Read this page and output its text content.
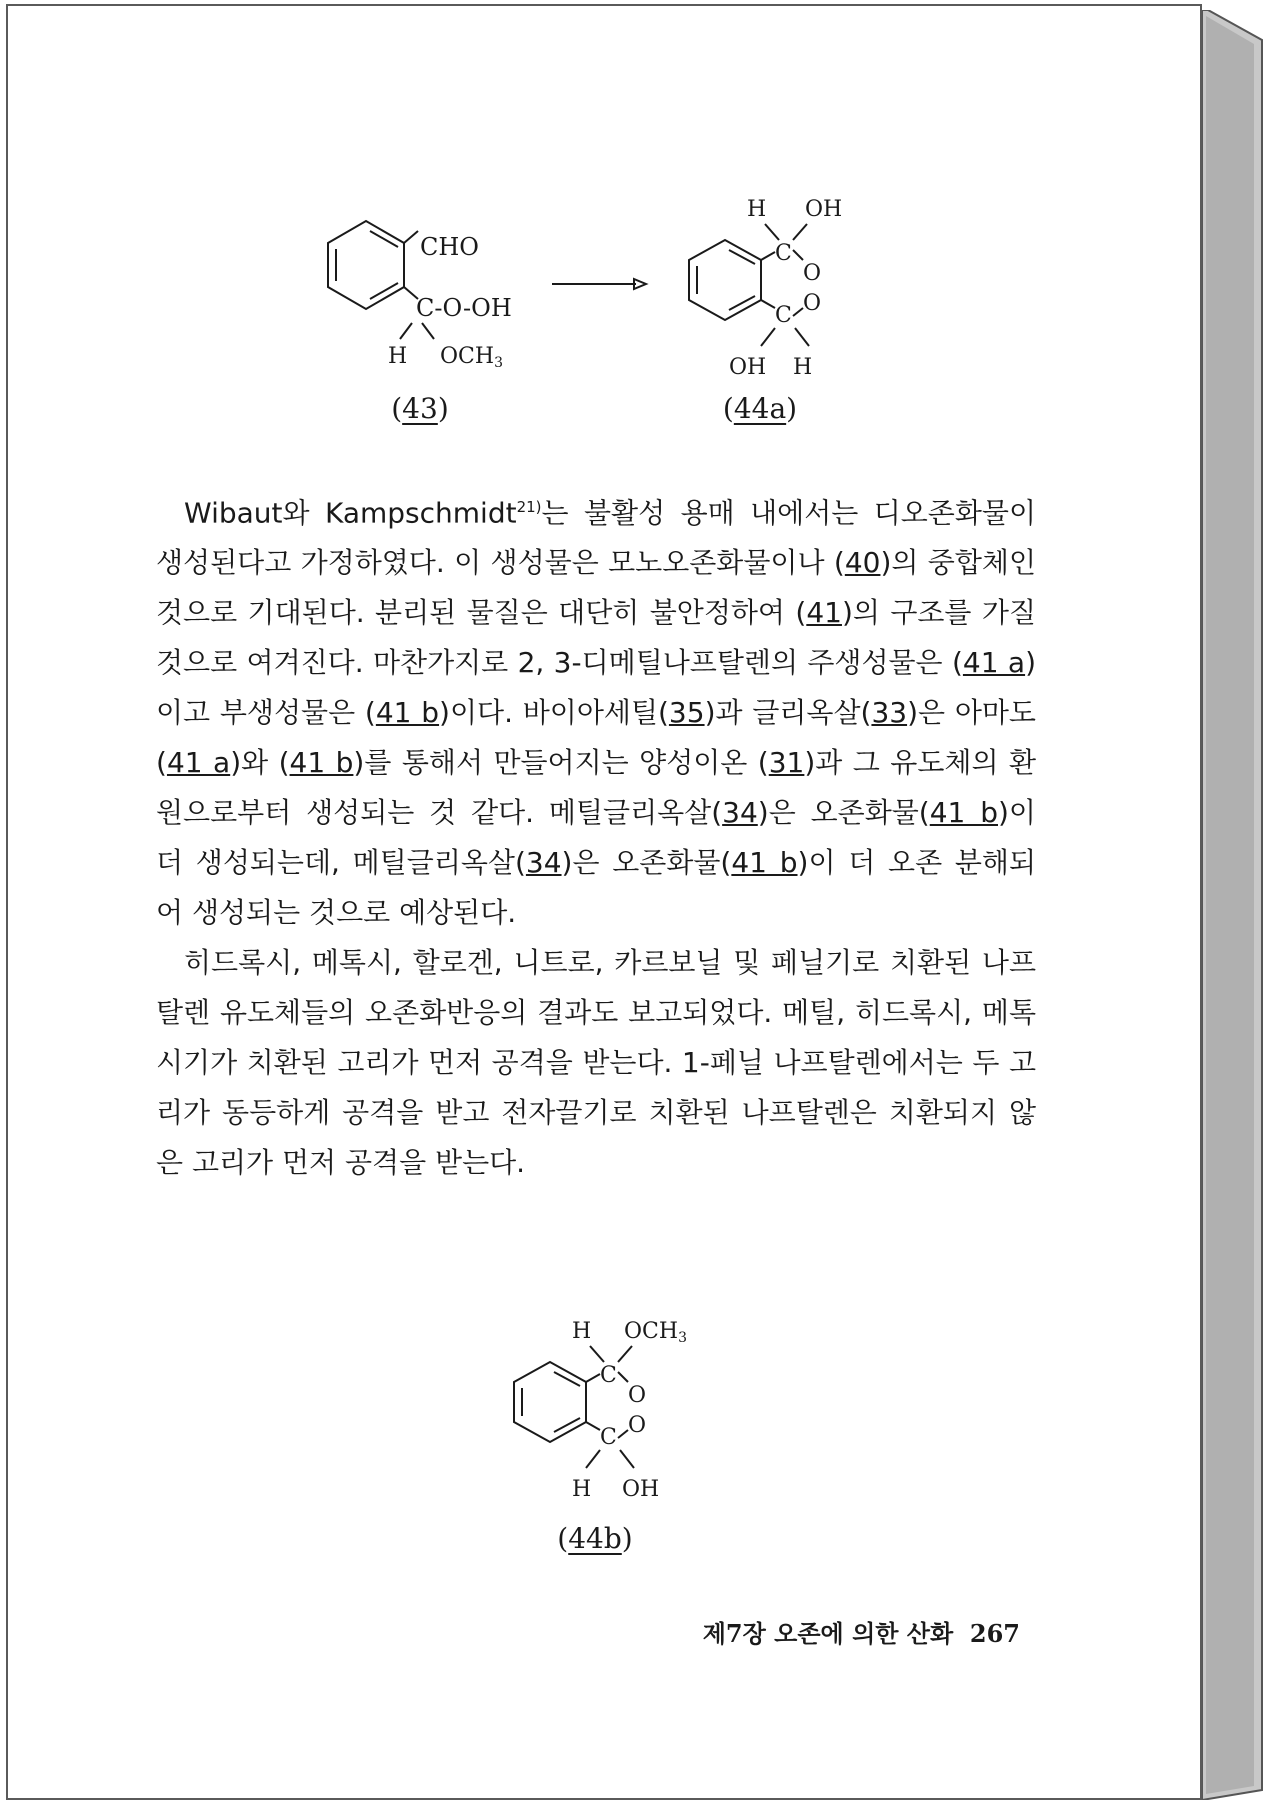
CHO
C-O-OH
H OCH3
(43)
H OH
C
O
O
C
OH H
(44a)

Wibaut와 Kampschmidt$^{21)}$는 불활성 용매 내에서는 디오존화물이 생성된다고 가정하였다. 이 생성물은 모노오존화물이나 (40)의 중합체인 것으로 기대된다. 분리된 물질은 대단히 불안정하여 (41)의 구조를 가질 것으로 여겨진다. 마찬가지로 2, 3-디메틸나프탈렌의 주생성물은 (41 a)이고 부생성물은 (41 b)이다. 바이아세틸(35)과 글리옥살(33)은 아마도 (41 a)와 (41 b)를 통해서 만들어지는 양성이온 (31)과 그 유도체의 환원으로부터 생성되는 것 같다. 메틸글리옥살(34)은 오존화물(41 b)이 더 생성되는데, 메틸글리옥살(34)은 오존화물(41 b)이 더 오존 분해되어 생성되는 것으로 예상된다.

히드록시, 메톡시, 할로겐, 니트로, 카르보닐 및 페닐기로 치환된 나프탈렌 유도체들의 오존화반응의 결과도 보고되었다. 메틸, 히드록시, 메톡시기가 치환된 고리가 먼저 공격을 받는다. 1-페닐 나프탈렌에서는 두 고리가 동등하게 공격을 받고 전자끌기로 치환된 나프탈렌은 치환되지 않은 고리가 먼저 공격을 받는다.

H OCH3
C
O
O
C
H OH
(44b)
제7장 오존에 의한 산화 267
